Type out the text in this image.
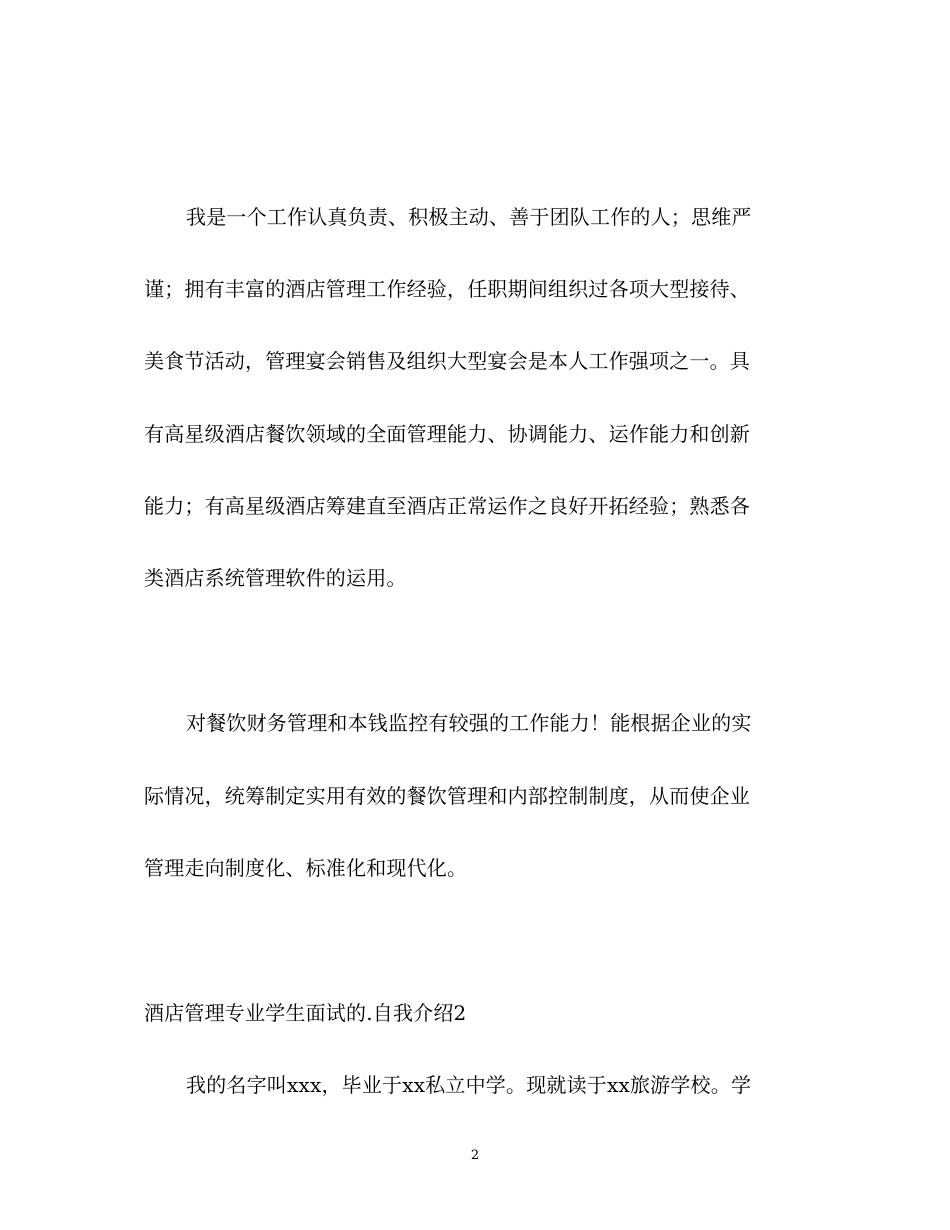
我是一个工作认真负责、积极主动、善于团队工作的人；思维严
谨；拥有丰富的酒店管理工作经验，任职期间组织过各项大型接待、
美食节活动，管理宴会销售及组织大型宴会是本人工作强项之一。具
有高星级酒店餐饮领域的全面管理能力、协调能力、运作能力和创新
能力；有高星级酒店筹建直至酒店正常运作之良好开拓经验；熟悉各
类酒店系统管理软件的运用。
对餐饮财务管理和本钱监控有较强的工作能力！能根据企业的实
际情况，统筹制定实用有效的餐饮管理和内部控制制度，从而使企业
管理走向制度化、标准化和现代化。
酒店管理专业学生面试的.自我介绍2
我的名字叫xxx，毕业于xx私立中学。现就读于xx旅游学校。学
2
